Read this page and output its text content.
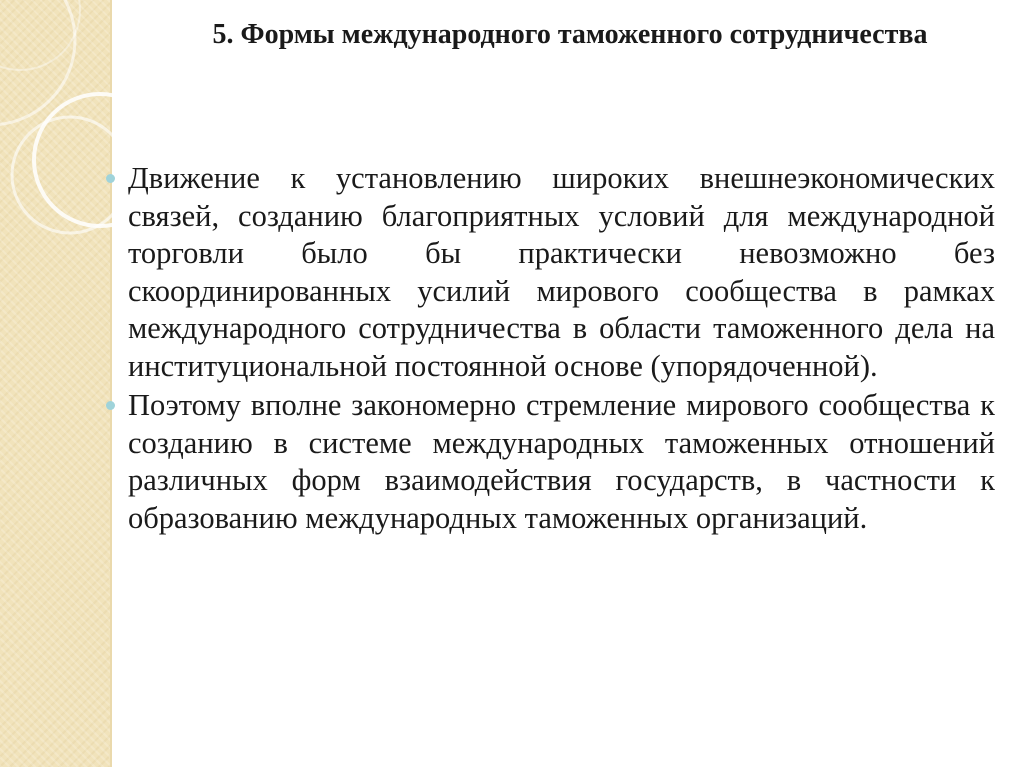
5. Формы международного таможенного сотрудничества

Движение к установлению широких внешнеэкономических связей, созданию благоприятных условий для международной торговли было бы практически невозможно без скоординированных усилий мирового сообщества в рамках международного сотрудничества в области таможенного дела на институциональной постоянной основе (упорядоченной).

Поэтому вполне закономерно стремление мирового сообщества к созданию в системе международных таможенных отношений различных форм взаимодействия государств, в частности к образованию международных таможенных организаций.
